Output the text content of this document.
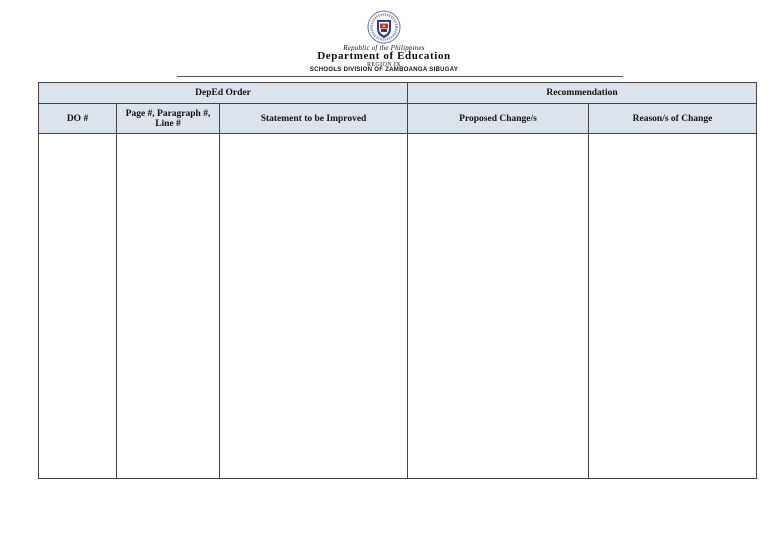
Republic of the Philippines
Department of Education
REGION IX
SCHOOLS DIVISION OF ZAMBOANGA SIBUGAY
DepEd Order			Recommendation	
DO #	Page #, Paragraph #, Line #	Statement to be Improved	Proposed Change/s	Reason/s of Change
